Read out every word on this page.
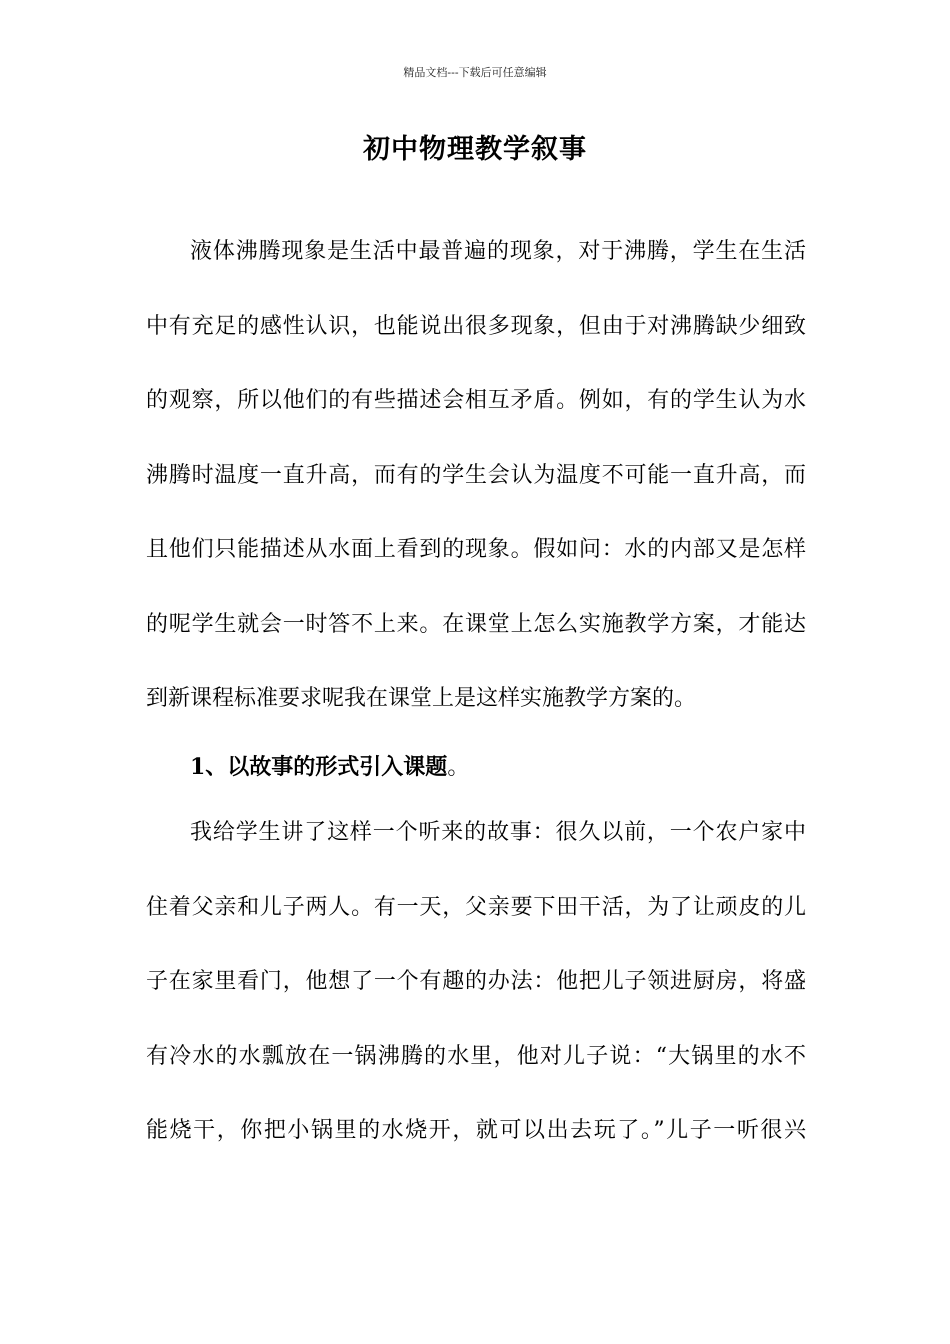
精品文档---下载后可任意编辑
初中物理教学叙事
液体沸腾现象是生活中最普遍的现象，对于沸腾，学生在生活
中有充足的感性认识，也能说出很多现象，但由于对沸腾缺少细致
的观察，所以他们的有些描述会相互矛盾。例如，有的学生认为水
沸腾时温度一直升高，而有的学生会认为温度不可能一直升高，而
且他们只能描述从水面上看到的现象。假如问：水的内部又是怎样
的呢学生就会一时答不上来。在课堂上怎么实施教学方案，才能达
到新课程标准要求呢我在课堂上是这样实施教学方案的。
1、以故事的形式引入课题。
我给学生讲了这样一个听来的故事：很久以前，一个农户家中
住着父亲和儿子两人。有一天，父亲要下田干活，为了让顽皮的儿
子在家里看门，他想了一个有趣的办法：他把儿子领进厨房，将盛
有冷水的水瓢放在一锅沸腾的水里，他对儿子说：“大锅里的水不
能烧干，你把小锅里的水烧开，就可以出去玩了。”儿子一听很兴
